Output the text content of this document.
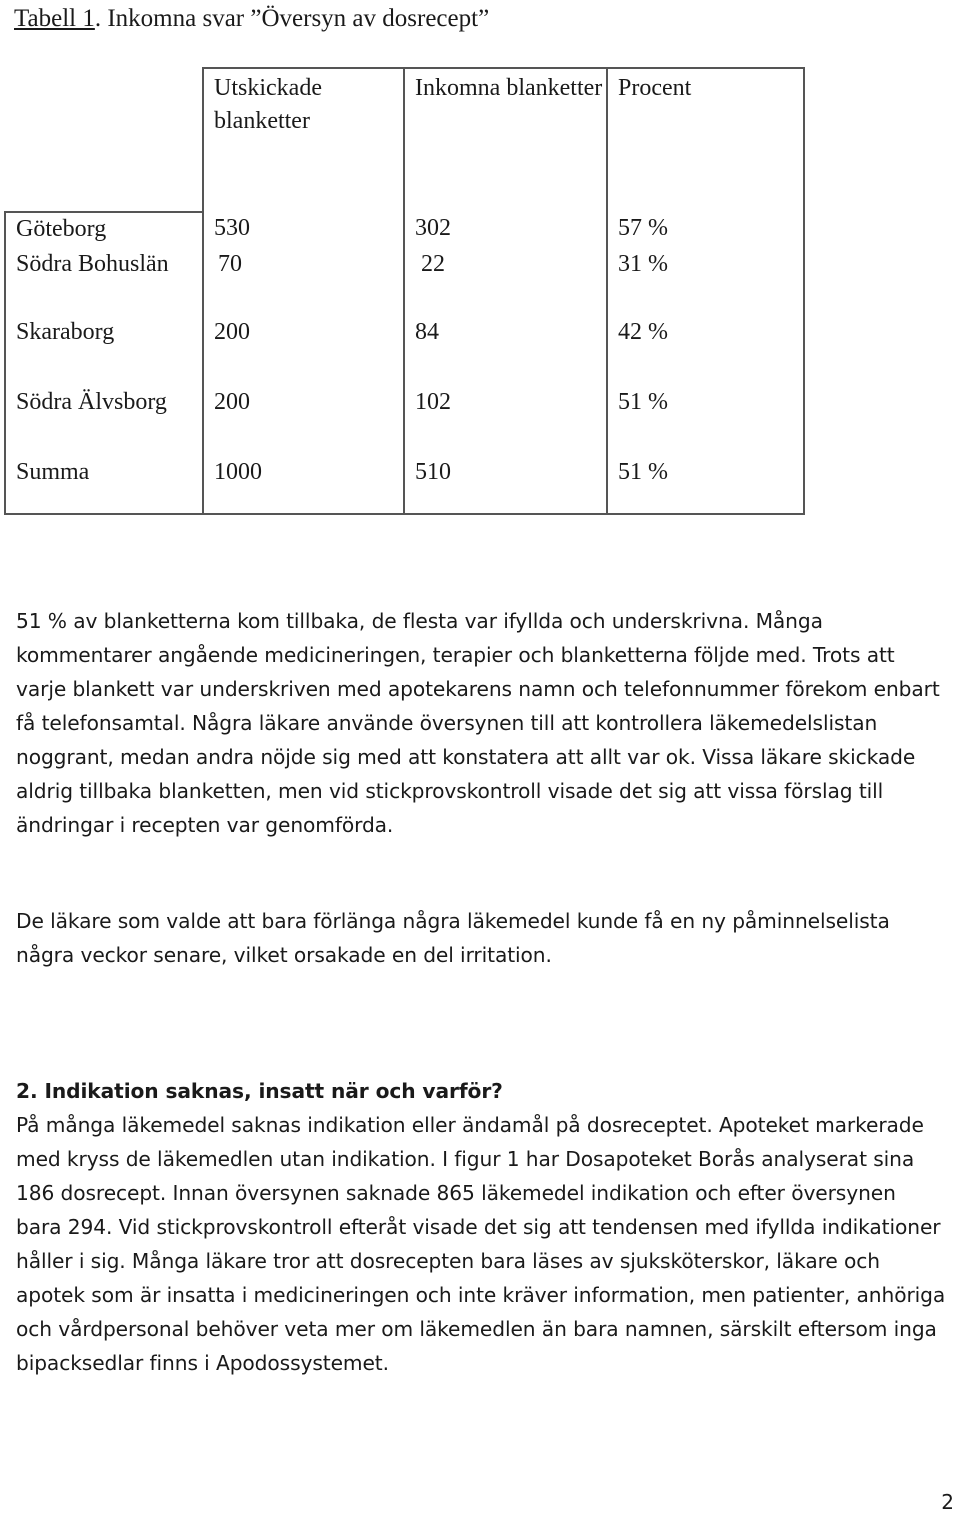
Tabell 1. Inkomna svar ”Översyn av dosrecept”
	Utskickade blanketter	Inkomna blanketter	Procent
Göteborg	530	302	57 %
Södra Bohuslän	70	22	31 %
Skaraborg	200	84	42 %
Södra Älvsborg	200	102	51 %
Summa	1000	510	51 %

51 % av blanketterna kom tillbaka, de flesta var ifyllda och underskrivna. Många kommentarer angående medicineringen, terapier och blanketterna följde med. Trots att varje blankett var underskriven med apotekarens namn och telefonnummer förekom enbart få telefonsamtal. Några läkare använde översynen till att kontrollera läkemedelslistan noggrant, medan andra nöjde sig med att konstatera att allt var ok. Vissa läkare skickade aldrig tillbaka blanketten, men vid stickprovskontroll visade det sig att vissa förslag till ändringar i recepten var genomförda.

De läkare som valde att bara förlänga några läkemedel kunde få en ny påminnelselista några veckor senare, vilket orsakade en del irritation.

2. Indikation saknas, insatt när och varför?

På många läkemedel saknas indikation eller ändamål på dosreceptet. Apoteket markerade med kryss de läkemedlen utan indikation. I figur 1 har Dosapoteket Borås analyserat sina 186 dosrecept. Innan översynen saknade 865 läkemedel indikation och efter översynen bara 294. Vid stickprovskontroll efteråt visade det sig att tendensen med ifyllda indikationer håller i sig. Många läkare tror att dosrecepten bara läses av sjuksköterskor, läkare och apotek som är insatta i medicineringen och inte kräver information, men patienter, anhöriga och vårdpersonal behöver veta mer om läkemedlen än bara namnen, särskilt eftersom inga bipacksedlar finns i Apodossystemet.

2
